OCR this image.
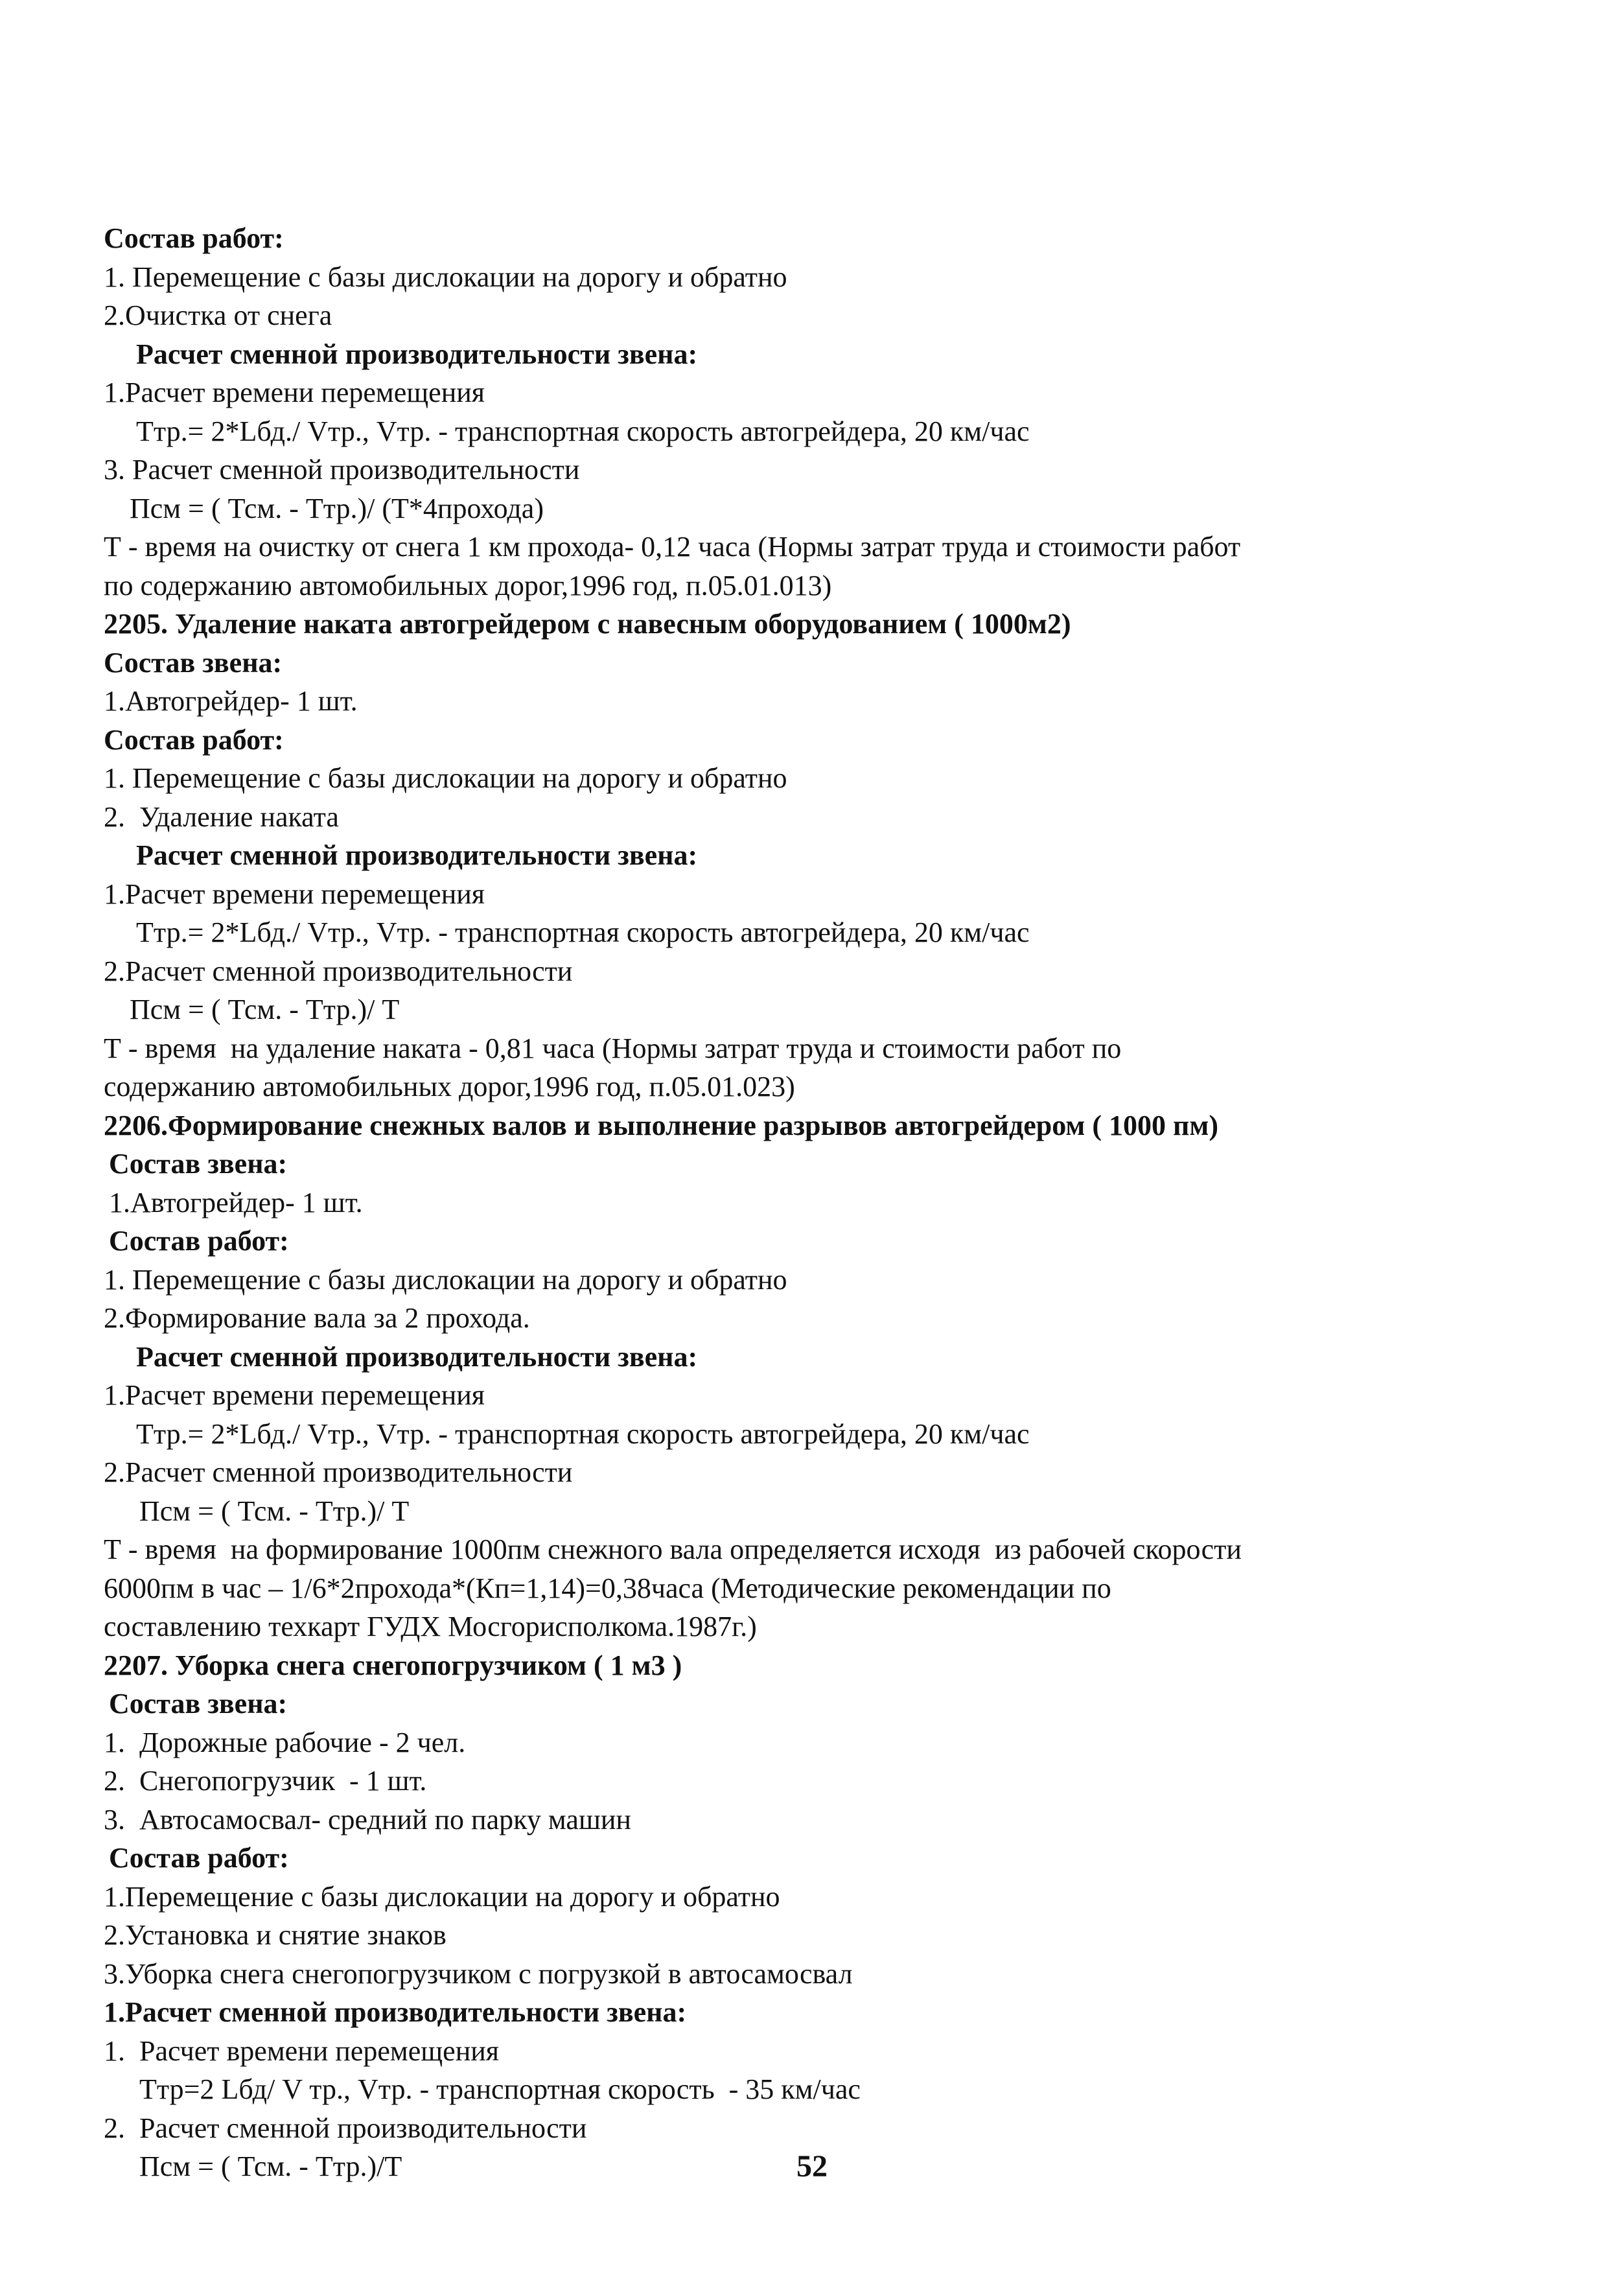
Состав работ:
1. Перемещение с базы дислокации на дорогу и обратно
2.Очистка от снега
Расчет сменной производительности звена:
1.Расчет времени перемещения
Ттр.= 2*Lбд./ Vтр., Vтр. - транспортная скорость автогрейдера, 20 км/час
3. Расчет сменной производительности
Псм = ( Тсм. - Ттр.)/ (Т*4прохода)
Т - время на очистку от снега 1 км прохода- 0,12 часа (Нормы затрат труда и стоимости работ
по содержанию автомобильных дорог,1996 год, п.05.01.013)
2205. Удаление наката автогрейдером с навесным оборудованием ( 1000м2)
Состав звена:
1.Автогрейдер- 1 шт.
Состав работ:
1. Перемещение с базы дислокации на дорогу и обратно
2.  Удаление наката
Расчет сменной производительности звена:
1.Расчет времени перемещения
Ттр.= 2*Lбд./ Vтр., Vтр. - транспортная скорость автогрейдера, 20 км/час
2.Расчет сменной производительности
Псм = ( Тсм. - Ттр.)/ Т
Т - время  на удаление наката - 0,81 часа (Нормы затрат труда и стоимости работ по
содержанию автомобильных дорог,1996 год, п.05.01.023)
2206.Формирование снежных валов и выполнение разрывов автогрейдером ( 1000 пм)
Состав звена:
1.Автогрейдер- 1 шт.
Состав работ:
1. Перемещение с базы дислокации на дорогу и обратно
2.Формирование вала за 2 прохода.
Расчет сменной производительности звена:
1.Расчет времени перемещения
Ттр.= 2*Lбд./ Vтр., Vтр. - транспортная скорость автогрейдера, 20 км/час
2.Расчет сменной производительности
Псм = ( Тсм. - Ттр.)/ Т
Т - время  на формирование 1000пм снежного вала определяется исходя  из рабочей скорости
6000пм в час – 1/6*2прохода*(Кп=1,14)=0,38часа (Методические рекомендации по
составлению техкарт ГУДХ Мосгорисполкома.1987г.)
2207. Уборка снега снегопогрузчиком ( 1 м3 )
Состав звена:
1.  Дорожные рабочие - 2 чел.
2.  Снегопогрузчик  - 1 шт.
3.  Автосамосвал- средний по парку машин
Состав работ:
1.Перемещение с базы дислокации на дорогу и обратно
2.Установка и снятие знаков
3.Уборка снега снегопогрузчиком с погрузкой в автосамосвал
1.Расчет сменной производительности звена:
1.  Расчет времени перемещения
Ттр=2 Lбд/ V тр., Vтр. - транспортная скорость  - 35 км/час
2.  Расчет сменной производительности
Псм = ( Тсм. - Ттр.)/Т	52
